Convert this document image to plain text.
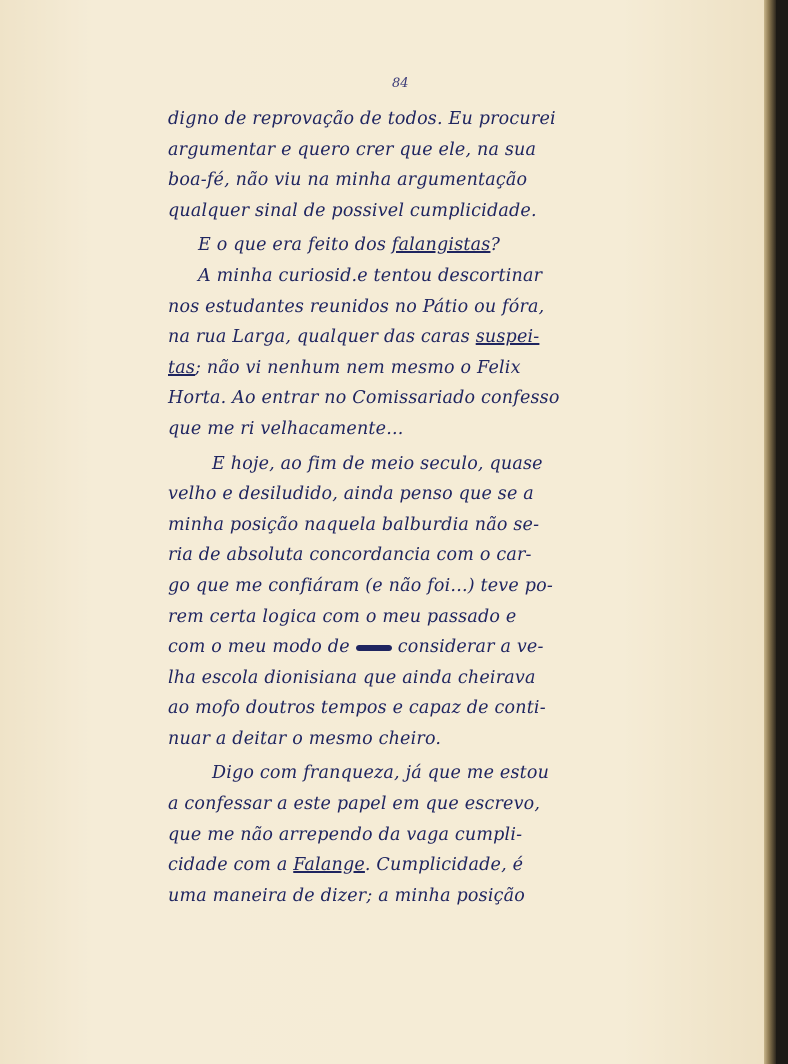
84
digno de reprovação de todos. Eu procurei
argumentar e quero crer que ele, na sua
boa-fé, não viu na minha argumentação
qualquer sinal de possivel cumplicidade.
E o que era feito dos falangistas?
A minha curiosid.e tentou descortinar
nos estudantes reunidos no Pátio ou fóra,
na rua Larga, qualquer das caras suspei-
tas; não vi nenhum nem mesmo o Felix
Horta. Ao entrar no Comissariado confesso
que me ri velhacamente...
E hoje, ao fim de meio seculo, quase
velho e desiludido, ainda penso que se a
minha posição naquela balburdia não se-
ria de absoluta concordancia com o car-
go que me confiáram (e não foi...) teve po-
rem certa logica com o meu passado e
com o meu modo de	considerar a ve-
lha escola dionisiana que ainda cheirava
ao mofo doutros tempos e capaz de conti-
nuar a deitar o mesmo cheiro.
Digo com franqueza, já que me estou
a confessar a este papel em que escrevo,
que me não arrependo da vaga cumpli-
cidade com a Falange. Cumplicidade, é
uma maneira de dizer; a minha posição
